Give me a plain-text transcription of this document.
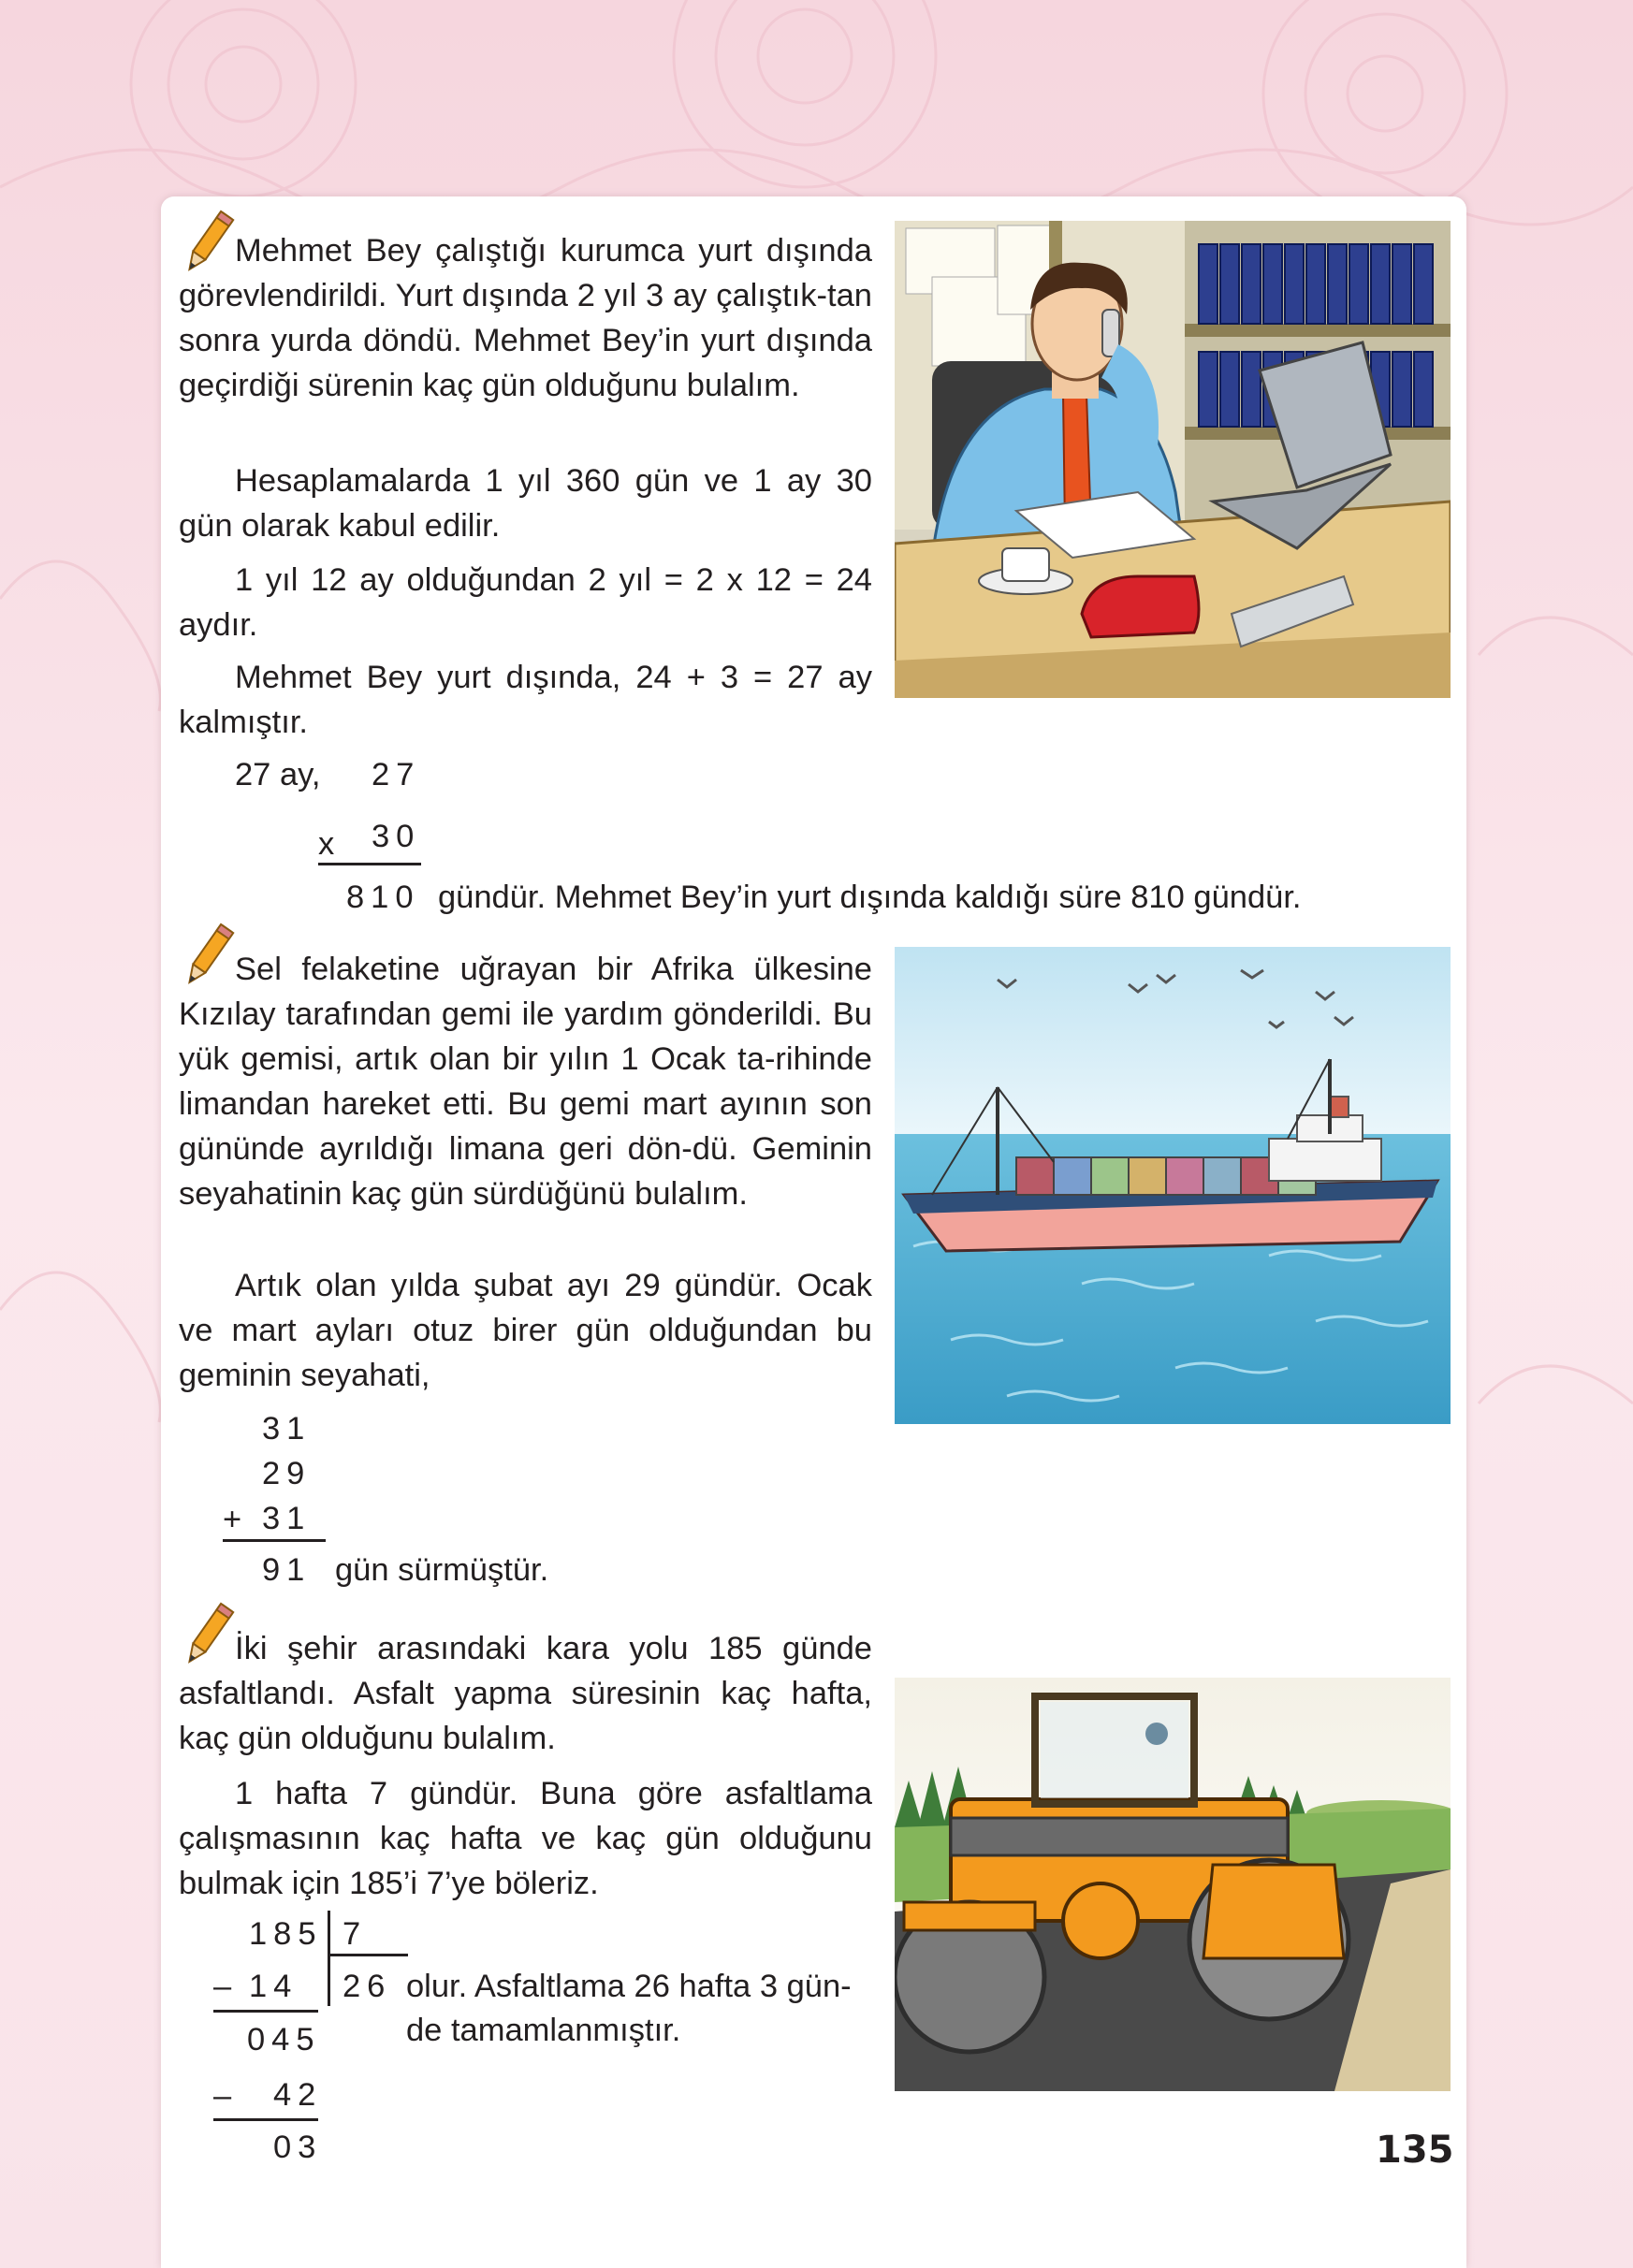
Mehmet Bey çalıştığı kurumca yurt dışında görevlendirildi. Yurt dışında 2 yıl 3 ay çalıştık-tan sonra yurda döndü. Mehmet Bey’in yurt dışında geçirdiği sürenin kaç gün olduğunu bulalım.

Hesaplamalarda 1 yıl 360 gün ve 1 ay 30 gün olarak kabul edilir.

1 yıl 12 ay olduğundan 2 yıl = 2 x 12 = 24 aydır.

Mehmet Bey yurt dışında, 24 + 3 = 27 ay kalmıştır.

27 ay, 27
x 30
810 gündür. Mehmet Bey’in yurt dışında kaldığı süre 810 gündür.

Sel felaketine uğrayan bir Afrika ülkesine Kızılay tarafından gemi ile yardım gönderildi. Bu yük gemisi, artık olan bir yılın 1 Ocak ta-rihinde limandan hareket etti. Bu gemi mart ayının son gününde ayrıldığı limana geri dön-dü. Geminin seyahatinin kaç gün sürdüğünü bulalım.

Artık olan yılda şubat ayı 29 gündür. Ocak ve mart ayları otuz birer gün olduğundan bu geminin seyahati,

31
29
+ 31
91 gün sürmüştür.

İki şehir arasındaki kara yolu 185 günde asfaltlandı. Asfalt yapma süresinin kaç hafta, kaç gün olduğunu bulalım.

1 hafta 7 gündür. Buna göre asfaltlama çalışmasının kaç hafta ve kaç gün olduğunu bulmak için 185’i 7’ye böleriz.

185 7
– 14 26 olur. Asfaltlama 26 hafta 3 gün-
045	de tamamlanmıştır.
– 42
03	135
